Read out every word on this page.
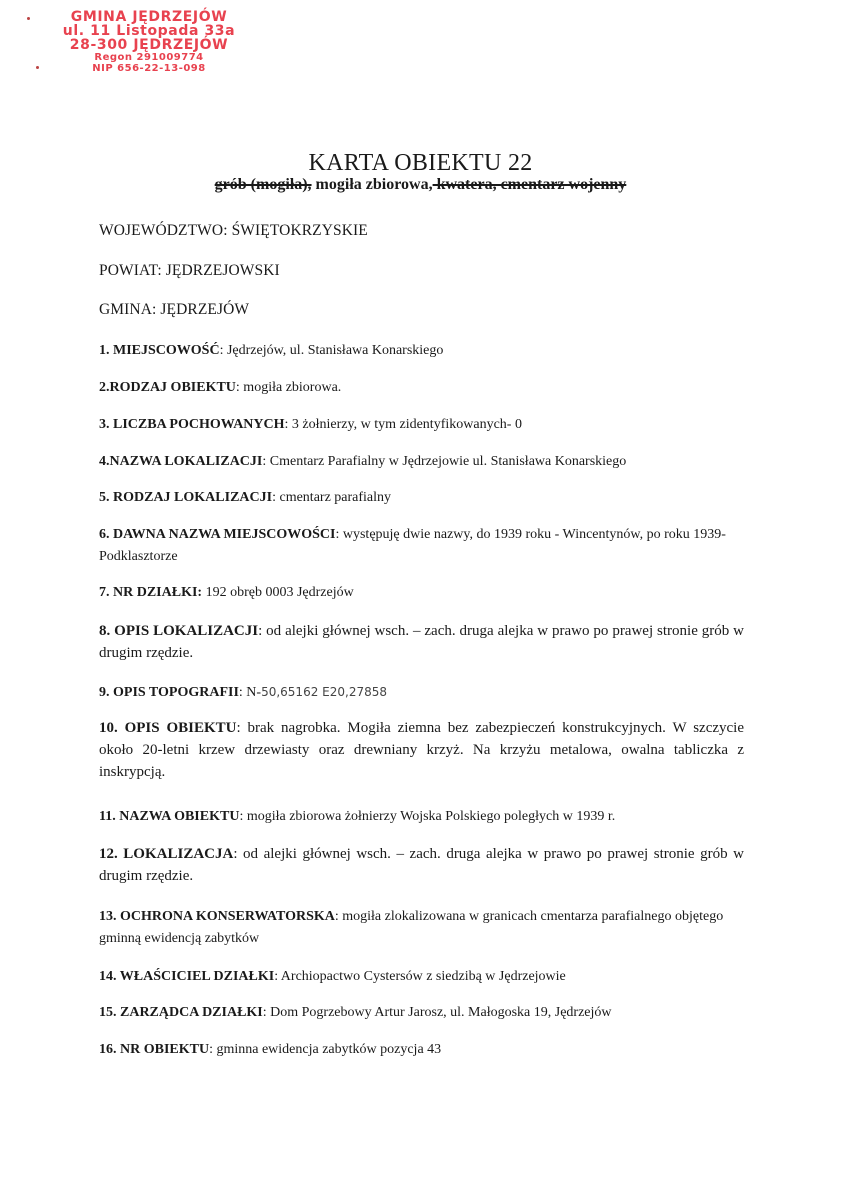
GMINA JĘDRZEJÓW
ul. 11 Listopada 33a
28-300 JĘDRZEJÓW
Regon 291009774
NIP 656-22-13-098
KARTA OBIEKTU 22
grób (mogiła), mogiła zbiorowa, kwatera, cmentarz wojenny
WOJEWÓDZTWO: ŚWIĘTOKRZYSKIE
POWIAT: JĘDRZEJOWSKI
GMINA: JĘDRZEJÓW
1. MIEJSCOWOŚĆ: Jędrzejów, ul. Stanisława Konarskiego
2.RODZAJ OBIEKTU: mogiła zbiorowa.
3. LICZBA POCHOWANYCH: 3 żołnierzy, w tym zidentyfikowanych- 0
4.NAZWA LOKALIZACJI: Cmentarz Parafialny w Jędrzejowie ul. Stanisława Konarskiego
5. RODZAJ LOKALIZACJI: cmentarz parafialny
6. DAWNA NAZWA MIEJSCOWOŚCI: występuję dwie nazwy, do 1939 roku - Wincentynów, po roku 1939- Podklasztorze
7. NR DZIAŁKI: 192 obręb 0003 Jędrzejów
8. OPIS LOKALIZACJI: od alejki głównej wsch. – zach. druga alejka w prawo po prawej stronie grób w drugim rzędzie.
9. OPIS TOPOGRAFII: N-50,65162 E20,27858
10. OPIS OBIEKTU: brak nagrobka. Mogiła ziemna bez zabezpieczeń konstrukcyjnych. W szczycie około 20-letni krzew drzewiasty oraz drewniany krzyż. Na krzyżu metalowa, owalna tabliczka z inskrypcją.
11. NAZWA OBIEKTU: mogiła zbiorowa żołnierzy Wojska Polskiego poległych w 1939 r.
12. LOKALIZACJA: od alejki głównej wsch. – zach. druga alejka w prawo po prawej stronie grób w drugim rzędzie.
13. OCHRONA KONSERWATORSKA: mogiła zlokalizowana w granicach cmentarza parafialnego objętego gminną ewidencją zabytków
14. WŁAŚCICIEL DZIAŁKI: Archiopactwo Cystersów z siedzibą w Jędrzejowie
15. ZARZĄDCA DZIAŁKI: Dom Pogrzebowy Artur Jarosz, ul. Małogoska 19, Jędrzejów
16. NR OBIEKTU: gminna ewidencja zabytków pozycja 43
